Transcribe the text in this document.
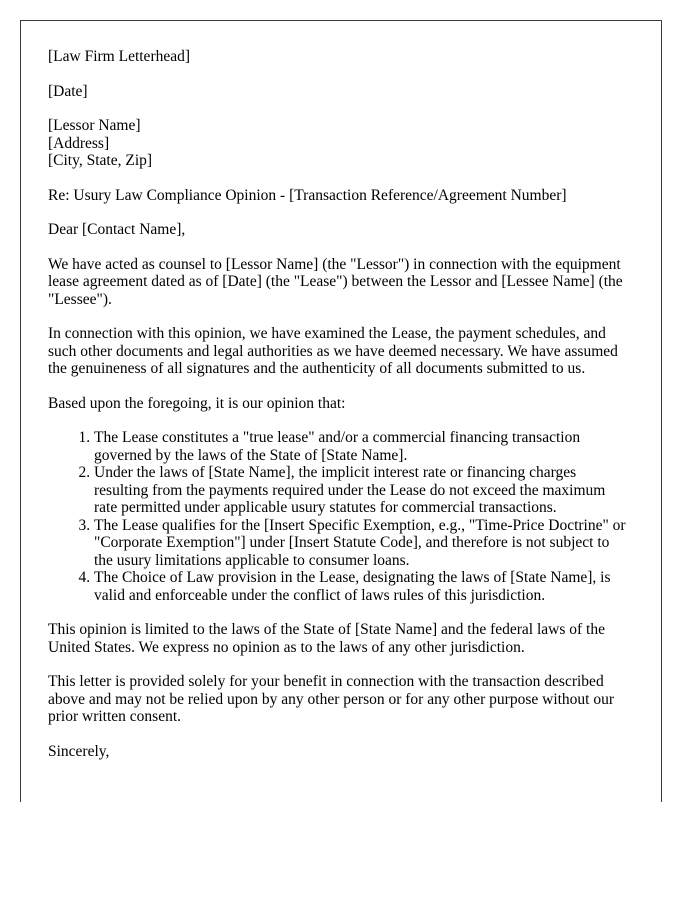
[Law Firm Letterhead]

[Date]

[Lessor Name]
[Address]
[City, State, Zip]

Re: Usury Law Compliance Opinion - [Transaction Reference/Agreement Number]

Dear [Contact Name],

We have acted as counsel to [Lessor Name] (the "Lessor") in connection with the equipment lease agreement dated as of [Date] (the "Lease") between the Lessor and [Lessee Name] (the "Lessee").

In connection with this opinion, we have examined the Lease, the payment schedules, and such other documents and legal authorities as we have deemed necessary. We have assumed the genuineness of all signatures and the authenticity of all documents submitted to us.

Based upon the foregoing, it is our opinion that:

1. The Lease constitutes a "true lease" and/or a commercial financing transaction governed by the laws of the State of [State Name].
2. Under the laws of [State Name], the implicit interest rate or financing charges resulting from the payments required under the Lease do not exceed the maximum rate permitted under applicable usury statutes for commercial transactions.
3. The Lease qualifies for the [Insert Specific Exemption, e.g., "Time-Price Doctrine" or "Corporate Exemption"] under [Insert Statute Code], and therefore is not subject to the usury limitations applicable to consumer loans.
4. The Choice of Law provision in the Lease, designating the laws of [State Name], is valid and enforceable under the conflict of laws rules of this jurisdiction.

This opinion is limited to the laws of the State of [State Name] and the federal laws of the United States. We express no opinion as to the laws of any other jurisdiction.

This letter is provided solely for your benefit in connection with the transaction described above and may not be relied upon by any other person or for any other purpose without our prior written consent.

Sincerely,
